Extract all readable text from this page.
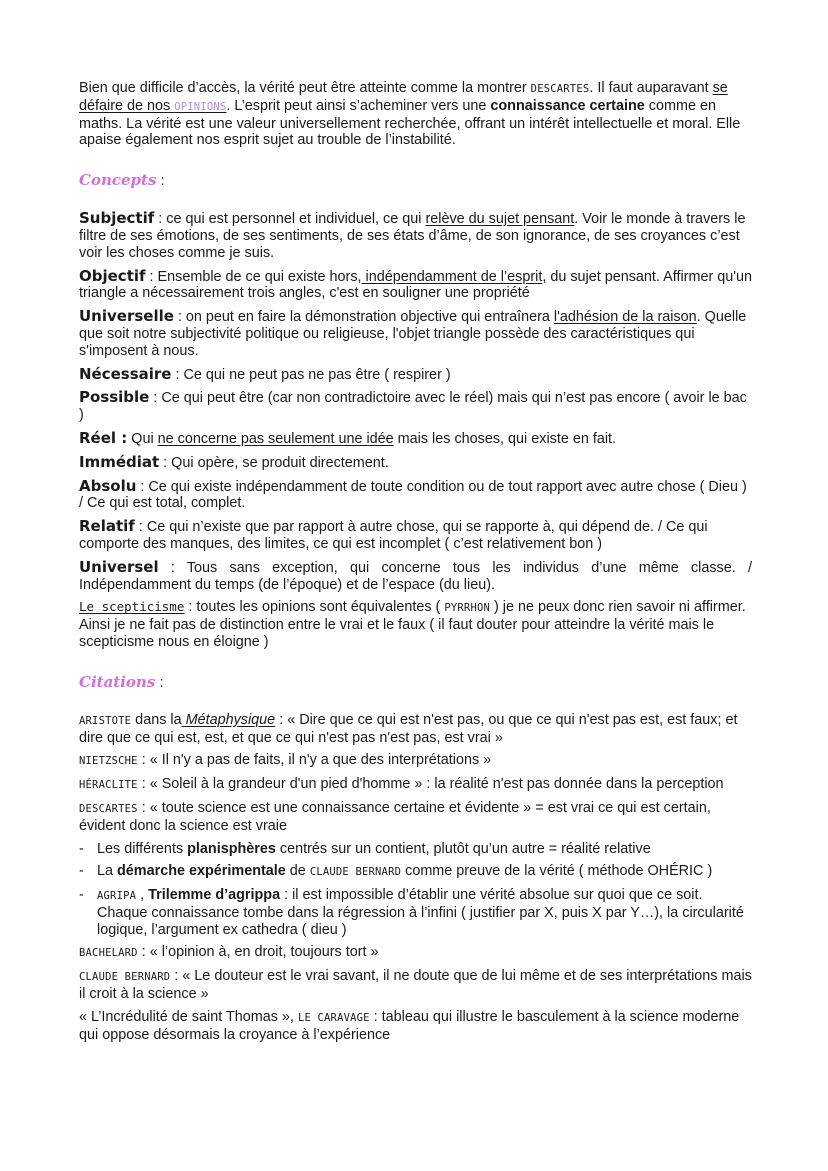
Bien que difficile d’accès, la vérité peut être atteinte comme la montrer DESCARTES. Il faut auparavant se défaire de nos OPINIONS. L’esprit peut ainsi s’acheminer vers une connaissance certaine comme en maths. La vérité est une valeur universellement recherchée, offrant un intérêt intellectuelle et moral. Elle apaise également nos esprit sujet au trouble de l’instabilité.

Concepts :

Subjectif : ce qui est personnel et individuel, ce qui relève du sujet pensant. Voir le monde à travers le filtre de ses émotions, de ses sentiments, de ses états d’âme, de son ignorance, de ses croyances c’est voir les choses comme je suis.

Objectif : Ensemble de ce qui existe hors, indépendamment de l’esprit, du sujet pensant. Affirmer qu'un triangle a nécessairement trois angles, c'est en souligner une propriété

Universelle : on peut en faire la démonstration objective qui entraînera l'adhésion de la raison. Quelle que soit notre subjectivité politique ou religieuse, l'objet triangle possède des caractéristiques qui s'imposent à nous.

Nécessaire : Ce qui ne peut pas ne pas être ( respirer )

Possible : Ce qui peut être (car non contradictoire avec le réel) mais qui n’est pas encore ( avoir le bac )

Réel : Qui ne concerne pas seulement une idée mais les choses, qui existe en fait.

Immédiat : Qui opère, se produit directement.

Absolu : Ce qui existe indépendamment de toute condition ou de tout rapport avec autre chose ( Dieu ) / Ce qui est total, complet.

Relatif : Ce qui n’existe que par rapport à autre chose, qui se rapporte à, qui dépend de. / Ce qui comporte des manques, des limites, ce qui est incomplet ( c’est relativement bon )

Universel : Tous sans exception, qui concerne tous les individus d’une même classe. / Indépendamment du temps (de l’époque) et de l’espace (du lieu).

Le scepticisme : toutes les opinions sont équivalentes ( PYRRHON ) je ne peux donc rien savoir ni affirmer. Ainsi je ne fait pas de distinction entre le vrai et le faux ( il faut douter pour atteindre la vérité mais le scepticisme nous en éloigne )

Citations :

ARISTOTE dans la Métaphysique : « Dire que ce qui est n'est pas, ou que ce qui n'est pas est, est faux; et dire que ce qui est, est, et que ce qui n'est pas n'est pas, est vrai »

NIETZSCHE : « Il n'y a pas de faits, il n'y a que des interprétations »

HÉRACLITE : « Soleil à la grandeur d'un pied d'homme » : la réalité n'est pas donnée dans la perception

DESCARTES : « toute science est une connaissance certaine et évidente » = est vrai ce qui est certain, évident donc la science est vraie

- Les différents planisphères centrés sur un contient, plutôt qu’un autre = réalité relative
- La démarche expérimentale de CLAUDE BERNARD comme preuve de la vérité ( méthode OHÉRIC )
- AGRIPA , Trilemme d’agrippa : il est impossible d’établir une vérité absolue sur quoi que ce soit. Chaque connaissance tombe dans la régression à l’infini ( justifier par X, puis X par Y…), la circularité logique, l’argument ex cathedra ( dieu )

BACHELARD : « l’opinion à, en droit, toujours tort »

CLAUDE BERNARD : « Le douteur est le vrai savant, il ne doute que de lui même et de ses interprétations mais il croit à la science »

« L’Incrédulité de saint Thomas », LE CARAVAGE : tableau qui illustre le basculement à la science moderne qui oppose désormais la croyance à l’expérience
